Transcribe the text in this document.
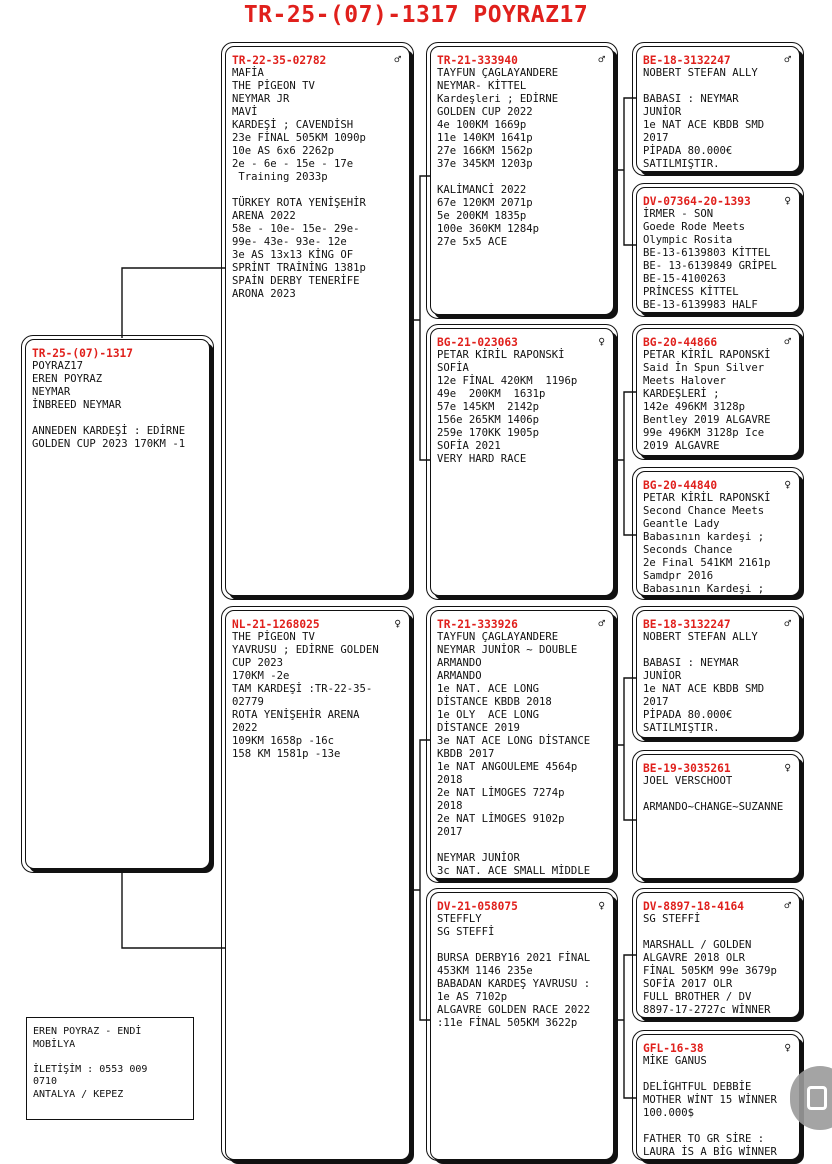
TR-25-(07)-1317 POYRAZ17
TR-25-(07)-1317
POYRAZ17
EREN POYRAZ
NEYMAR
İNBREED NEYMAR

ANNEDEN KARDEŞİ : EDİRNE
GOLDEN CUP 2023 170KM -1
TR-22-35-02782	♂
MAFİA
THE PİGEON TV
NEYMAR JR
MAVİ
KARDEŞİ ; CAVENDİSH
23e FİNAL 505KM 1090p
10e AS 6x6 2262p
2e - 6e - 15e - 17e
Training 2033p

TÜRKEY ROTA YENİŞEHİR
ARENA 2022
58e - 10e- 15e- 29e-
99e- 43e- 93e- 12e
3e AS 13x13 KİNG OF
SPRİNT TRAİNİNG 1381p
SPAİN DERBY TENERİFE
ARONA 2023
NL-21-1268025	♀
THE PİGEON TV
YAVRUSU ; EDİRNE GOLDEN
CUP 2023
170KM -2e
TAM KARDEŞİ :TR-22-35-
02779
ROTA YENİŞEHİR ARENA
2022
109KM 1658p -16c
158 KM 1581p -13e
TR-21-333940	♂
TAYFUN ÇAGLAYANDERE
NEYMAR- KİTTEL
Kardeşleri ; EDİRNE
GOLDEN CUP 2022
4e 100KM 1669p
11e 140KM 1641p
27e 166KM 1562p
37e 345KM 1203p

KALİMANCİ 2022
67e 120KM 2071p
5e 200KM 1835p
100e 360KM 1284p
27e 5x5 ACE
BG-21-023063	♀
PETAR KİRİL RAPONSKİ
SOFİA
12e FİNAL 420KM  1196p
49e  200KM  1631p
57e 145KM  2142p
156e 265KM 1406p
259e 170KK 1905p
SOFİA 2021
VERY HARD RACE
TR-21-333926	♂
TAYFUN ÇAGLAYANDERE
NEYMAR JUNİOR ~ DOUBLE
ARMANDO
ARMANDO
1e NAT. ACE LONG
DİSTANCE KBDB 2018
1e OLY  ACE LONG
DİSTANCE 2019
3e NAT ACE LONG DİSTANCE
KBDB 2017
1e NAT ANGOULEME 4564p
2018
2e NAT LİMOGES 7274p
2018
2e NAT LİMOGES 9102p
2017

NEYMAR JUNİOR
3c NAT. ACE SMALL MİDDLE
DV-21-058075	♀
STEFFLY
SG STEFFİ

BURSA DERBY16 2021 FİNAL
453KM 1146 235e
BABADAN KARDEŞ YAVRUSU :
1e AS 7102p
ALGAVRE GOLDEN RACE 2022
:11e FİNAL 505KM 3622p
BE-18-3132247	♂
NOBERT STEFAN ALLY

BABASI : NEYMAR
JUNİOR
1e NAT ACE KBDB SMD
2017
PİPADA 80.000€
SATILMIŞTIR.
DV-07364-20-1393	♀
İRMER - SON
Goede Rode Meets
Olympic Rosita
BE-13-6139803 KİTTEL
BE- 13-6139849 GRİPEL
BE-15-4100263
PRİNCESS KİTTEL
BE-13-6139983 HALF
BG-20-44866	♂
PETAR KİRİL RAPONSKİ
Said İn Spun Silver
Meets Halover
KARDEŞLERİ ;
142e 496KM 3128p
Bentley 2019 ALGAVRE
99e 496KM 3128p Ice
2019 ALGAVRE
BG-20-44840	♀
PETAR KİRİL RAPONSKİ
Second Chance Meets
Geantle Lady
Babasının kardeşi ;
Seconds Chance
2e Final 541KM 2161p
Samdpr 2016
Babasının Kardeşi ;
BE-18-3132247	♂
NOBERT STEFAN ALLY

BABASI : NEYMAR
JUNİOR
1e NAT ACE KBDB SMD
2017
PİPADA 80.000€
SATILMIŞTIR.
BE-19-3035261	♀
JOEL VERSCHOOT

ARMANDO~CHANGE~SUZANNE
DV-8897-18-4164	♂
SG STEFFİ

MARSHALL / GOLDEN
ALGAVRE 2018 OLR
FİNAL 505KM 99e 3679p
SOFİA 2017 OLR
FULL BROTHER / DV
8897-17-2727c WİNNER
GFL-16-38	♀
MİKE GANUS

DELİGHTFUL DEBBİE
MOTHER WİNT 15 WİNNER
100.000$

FATHER TO GR SİRE :
LAURA İS A BİG WİNNER
EREN POYRAZ - ENDİ
MOBİLYA

İLETİŞİM : 0553 009
0710
ANTALYA / KEPEZ
